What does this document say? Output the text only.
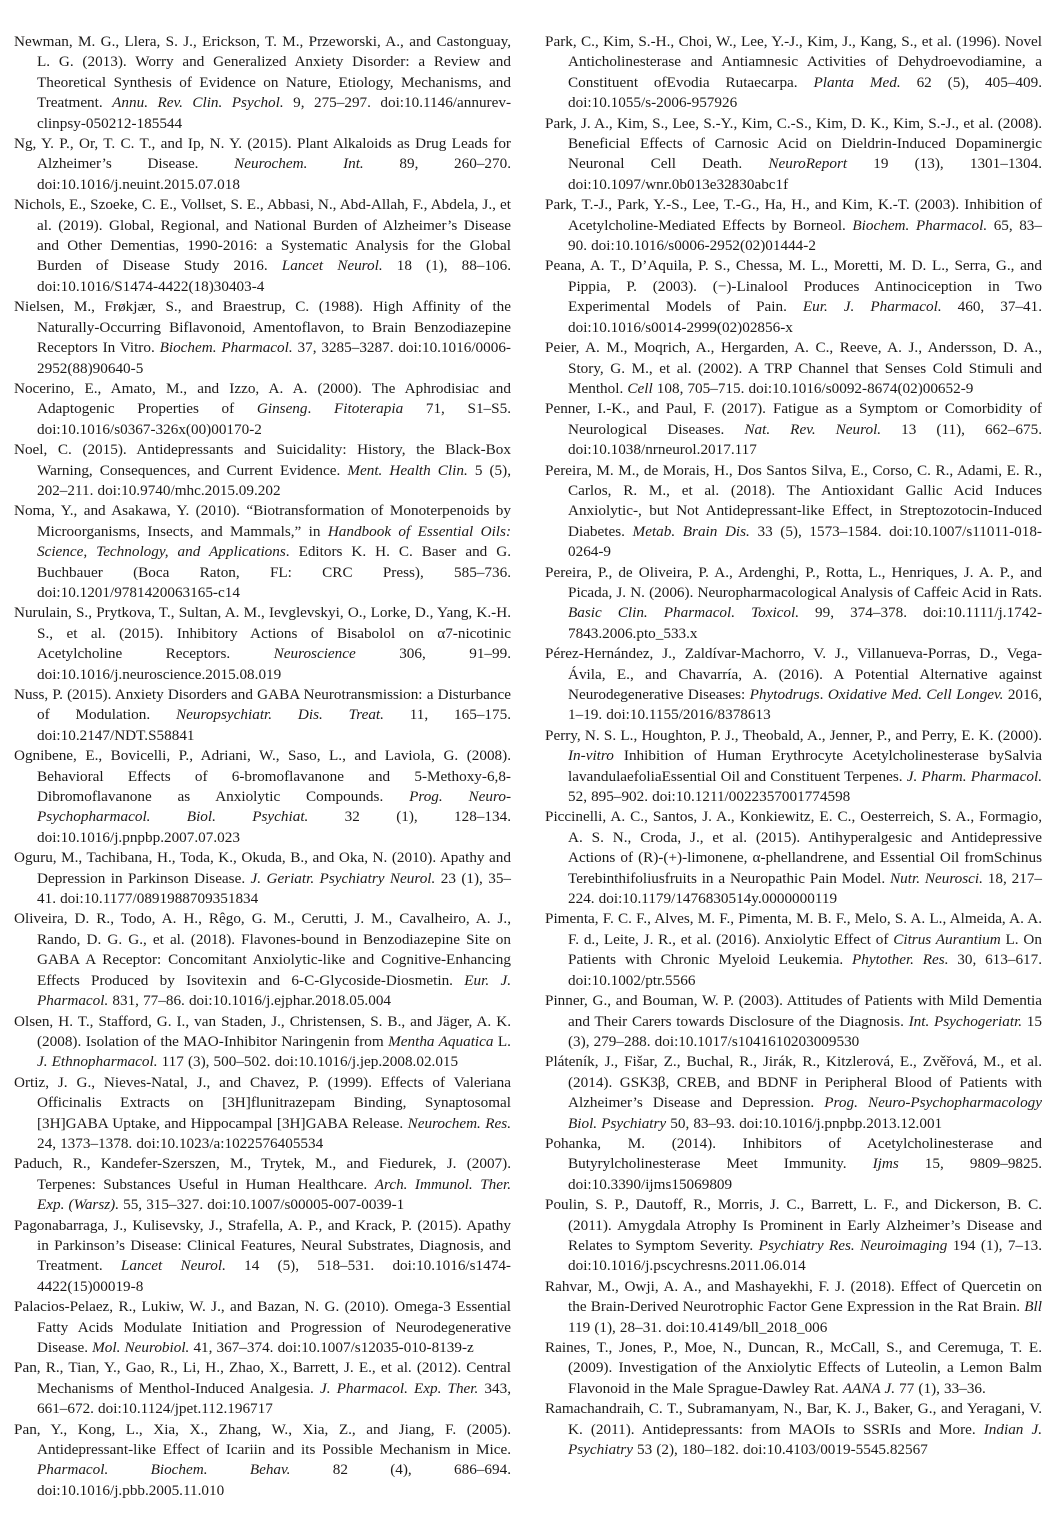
Newman, M. G., Llera, S. J., Erickson, T. M., Przeworski, A., and Castonguay, L. G. (2013). Worry and Generalized Anxiety Disorder: a Review and Theoretical Synthesis of Evidence on Nature, Etiology, Mechanisms, and Treatment. Annu. Rev. Clin. Psychol. 9, 275–297. doi:10.1146/annurev-clinpsy-050212-185544

Ng, Y. P., Or, T. C. T., and Ip, N. Y. (2015). Plant Alkaloids as Drug Leads for Alzheimer’s Disease. Neurochem. Int. 89, 260–270. doi:10.1016/j.neuint.2015.07.018

Nichols, E., Szoeke, C. E., Vollset, S. E., Abbasi, N., Abd-Allah, F., Abdela, J., et al. (2019). Global, Regional, and National Burden of Alzheimer’s Disease and Other Dementias, 1990-2016: a Systematic Analysis for the Global Burden of Disease Study 2016. Lancet Neurol. 18 (1), 88–106. doi:10.1016/S1474-4422(18)30403-4

Nielsen, M., Frøkjær, S., and Braestrup, C. (1988). High Affinity of the Naturally-Occurring Biflavonoid, Amentoflavon, to Brain Benzodiazepine Receptors In Vitro. Biochem. Pharmacol. 37, 3285–3287. doi:10.1016/0006-2952(88)90640-5

Nocerino, E., Amato, M., and Izzo, A. A. (2000). The Aphrodisiac and Adaptogenic Properties of Ginseng. Fitoterapia 71, S1–S5. doi:10.1016/s0367-326x(00)00170-2

Noel, C. (2015). Antidepressants and Suicidality: History, the Black-Box Warning, Consequences, and Current Evidence. Ment. Health Clin. 5 (5), 202–211. doi:10.9740/mhc.2015.09.202

Noma, Y., and Asakawa, Y. (2010). “Biotransformation of Monoterpenoids by Microorganisms, Insects, and Mammals,” in Handbook of Essential Oils: Science, Technology, and Applications. Editors K. H. C. Baser and G. Buchbauer (Boca Raton, FL: CRC Press), 585–736. doi:10.1201/9781420063165-c14

Nurulain, S., Prytkova, T., Sultan, A. M., Ievglevskyi, O., Lorke, D., Yang, K.-H. S., et al. (2015). Inhibitory Actions of Bisabolol on α7-nicotinic Acetylcholine Receptors. Neuroscience 306, 91–99. doi:10.1016/j.neuroscience.2015.08.019

Nuss, P. (2015). Anxiety Disorders and GABA Neurotransmission: a Disturbance of Modulation. Neuropsychiatr. Dis. Treat. 11, 165–175. doi:10.2147/NDT.S58841

Ognibene, E., Bovicelli, P., Adriani, W., Saso, L., and Laviola, G. (2008). Behavioral Effects of 6-bromoflavanone and 5-Methoxy-6,8-Dibromoflavanone as Anxiolytic Compounds. Prog. Neuro-Psychopharmacol. Biol. Psychiat. 32 (1), 128–134. doi:10.1016/j.pnpbp.2007.07.023

Oguru, M., Tachibana, H., Toda, K., Okuda, B., and Oka, N. (2010). Apathy and Depression in Parkinson Disease. J. Geriatr. Psychiatry Neurol. 23 (1), 35–41. doi:10.1177/0891988709351834

Oliveira, D. R., Todo, A. H., Rêgo, G. M., Cerutti, J. M., Cavalheiro, A. J., Rando, D. G. G., et al. (2018). Flavones-bound in Benzodiazepine Site on GABA A Receptor: Concomitant Anxiolytic-like and Cognitive-Enhancing Effects Produced by Isovitexin and 6-C-Glycoside-Diosmetin. Eur. J. Pharmacol. 831, 77–86. doi:10.1016/j.ejphar.2018.05.004

Olsen, H. T., Stafford, G. I., van Staden, J., Christensen, S. B., and Jäger, A. K. (2008). Isolation of the MAO-Inhibitor Naringenin from Mentha Aquatica L. J. Ethnopharmacol. 117 (3), 500–502. doi:10.1016/j.jep.2008.02.015

Ortiz, J. G., Nieves-Natal, J., and Chavez, P. (1999). Effects of Valeriana Officinalis Extracts on [3H]flunitrazepam Binding, Synaptosomal [3H]GABA Uptake, and Hippocampal [3H]GABA Release. Neurochem. Res. 24, 1373–1378. doi:10.1023/a:1022576405534

Paduch, R., Kandefer-Szerszen, M., Trytek, M., and Fiedurek, J. (2007). Terpenes: Substances Useful in Human Healthcare. Arch. Immunol. Ther. Exp. (Warsz). 55, 315–327. doi:10.1007/s00005-007-0039-1

Pagonabarraga, J., Kulisevsky, J., Strafella, A. P., and Krack, P. (2015). Apathy in Parkinson’s Disease: Clinical Features, Neural Substrates, Diagnosis, and Treatment. Lancet Neurol. 14 (5), 518–531. doi:10.1016/s1474-4422(15)00019-8

Palacios-Pelaez, R., Lukiw, W. J., and Bazan, N. G. (2010). Omega-3 Essential Fatty Acids Modulate Initiation and Progression of Neurodegenerative Disease. Mol. Neurobiol. 41, 367–374. doi:10.1007/s12035-010-8139-z

Pan, R., Tian, Y., Gao, R., Li, H., Zhao, X., Barrett, J. E., et al. (2012). Central Mechanisms of Menthol-Induced Analgesia. J. Pharmacol. Exp. Ther. 343, 661–672. doi:10.1124/jpet.112.196717

Pan, Y., Kong, L., Xia, X., Zhang, W., Xia, Z., and Jiang, F. (2005). Antidepressant-like Effect of Icariin and its Possible Mechanism in Mice. Pharmacol. Biochem. Behav. 82 (4), 686–694. doi:10.1016/j.pbb.2005.11.010

Park, C., Kim, S.-H., Choi, W., Lee, Y.-J., Kim, J., Kang, S., et al. (1996). Novel Anticholinesterase and Antiamnesic Activities of Dehydroevodiamine, a Constituent ofEvodia Rutaecarpa. Planta Med. 62 (5), 405–409. doi:10.1055/s-2006-957926

Park, J. A., Kim, S., Lee, S.-Y., Kim, C.-S., Kim, D. K., Kim, S.-J., et al. (2008). Beneficial Effects of Carnosic Acid on Dieldrin-Induced Dopaminergic Neuronal Cell Death. NeuroReport 19 (13), 1301–1304. doi:10.1097/wnr.0b013e32830abc1f

Park, T.-J., Park, Y.-S., Lee, T.-G., Ha, H., and Kim, K.-T. (2003). Inhibition of Acetylcholine-Mediated Effects by Borneol. Biochem. Pharmacol. 65, 83–90. doi:10.1016/s0006-2952(02)01444-2

Peana, A. T., D’Aquila, P. S., Chessa, M. L., Moretti, M. D. L., Serra, G., and Pippia, P. (2003). (−)-Linalool Produces Antinociception in Two Experimental Models of Pain. Eur. J. Pharmacol. 460, 37–41. doi:10.1016/s0014-2999(02)02856-x

Peier, A. M., Moqrich, A., Hergarden, A. C., Reeve, A. J., Andersson, D. A., Story, G. M., et al. (2002). A TRP Channel that Senses Cold Stimuli and Menthol. Cell 108, 705–715. doi:10.1016/s0092-8674(02)00652-9

Penner, I.-K., and Paul, F. (2017). Fatigue as a Symptom or Comorbidity of Neurological Diseases. Nat. Rev. Neurol. 13 (11), 662–675. doi:10.1038/nrneurol.2017.117

Pereira, M. M., de Morais, H., Dos Santos Silva, E., Corso, C. R., Adami, E. R., Carlos, R. M., et al. (2018). The Antioxidant Gallic Acid Induces Anxiolytic-, but Not Antidepressant-like Effect, in Streptozotocin-Induced Diabetes. Metab. Brain Dis. 33 (5), 1573–1584. doi:10.1007/s11011-018-0264-9

Pereira, P., de Oliveira, P. A., Ardenghi, P., Rotta, L., Henriques, J. A. P., and Picada, J. N. (2006). Neuropharmacological Analysis of Caffeic Acid in Rats. Basic Clin. Pharmacol. Toxicol. 99, 374–378. doi:10.1111/j.1742-7843.2006.pto_533.x

Pérez-Hernández, J., Zaldívar-Machorro, V. J., Villanueva-Porras, D., Vega-Ávila, E., and Chavarría, A. (2016). A Potential Alternative against Neurodegenerative Diseases: Phytodrugs. Oxidative Med. Cell Longev. 2016, 1–19. doi:10.1155/2016/8378613

Perry, N. S. L., Houghton, P. J., Theobald, A., Jenner, P., and Perry, E. K. (2000). In-vitro Inhibition of Human Erythrocyte Acetylcholinesterase bySalvia lavandulaefoliaEssential Oil and Constituent Terpenes. J. Pharm. Pharmacol. 52, 895–902. doi:10.1211/0022357001774598

Piccinelli, A. C., Santos, J. A., Konkiewitz, E. C., Oesterreich, S. A., Formagio, A. S. N., Croda, J., et al. (2015). Antihyperalgesic and Antidepressive Actions of (R)-(+)-limonene, α-phellandrene, and Essential Oil fromSchinus Terebinthifoliusfruits in a Neuropathic Pain Model. Nutr. Neurosci. 18, 217–224. doi:10.1179/1476830514y.0000000119

Pimenta, F. C. F., Alves, M. F., Pimenta, M. B. F., Melo, S. A. L., Almeida, A. A. F. d., Leite, J. R., et al. (2016). Anxiolytic Effect of Citrus Aurantium L. On Patients with Chronic Myeloid Leukemia. Phytother. Res. 30, 613–617. doi:10.1002/ptr.5566

Pinner, G., and Bouman, W. P. (2003). Attitudes of Patients with Mild Dementia and Their Carers towards Disclosure of the Diagnosis. Int. Psychogeriatr. 15 (3), 279–288. doi:10.1017/s1041610203009530

Pláteník, J., Fišar, Z., Buchal, R., Jirák, R., Kitzlerová, E., Zvěřová, M., et al. (2014). GSK3β, CREB, and BDNF in Peripheral Blood of Patients with Alzheimer’s Disease and Depression. Prog. Neuro-Psychopharmacology Biol. Psychiatry 50, 83–93. doi:10.1016/j.pnpbp.2013.12.001

Pohanka, M. (2014). Inhibitors of Acetylcholinesterase and Butyrylcholinesterase Meet Immunity. Ijms 15, 9809–9825. doi:10.3390/ijms15069809

Poulin, S. P., Dautoff, R., Morris, J. C., Barrett, L. F., and Dickerson, B. C. (2011). Amygdala Atrophy Is Prominent in Early Alzheimer’s Disease and Relates to Symptom Severity. Psychiatry Res. Neuroimaging 194 (1), 7–13. doi:10.1016/j.pscychresns.2011.06.014

Rahvar, M., Owji, A. A., and Mashayekhi, F. J. (2018). Effect of Quercetin on the Brain-Derived Neurotrophic Factor Gene Expression in the Rat Brain. Bll 119 (1), 28–31. doi:10.4149/bll_2018_006

Raines, T., Jones, P., Moe, N., Duncan, R., McCall, S., and Ceremuga, T. E. (2009). Investigation of the Anxiolytic Effects of Luteolin, a Lemon Balm Flavonoid in the Male Sprague-Dawley Rat. AANA J. 77 (1), 33–36.

Ramachandraih, C. T., Subramanyam, N., Bar, K. J., Baker, G., and Yeragani, V. K. (2011). Antidepressants: from MAOIs to SSRIs and More. Indian J. Psychiatry 53 (2), 180–182. doi:10.4103/0019-5545.82567
